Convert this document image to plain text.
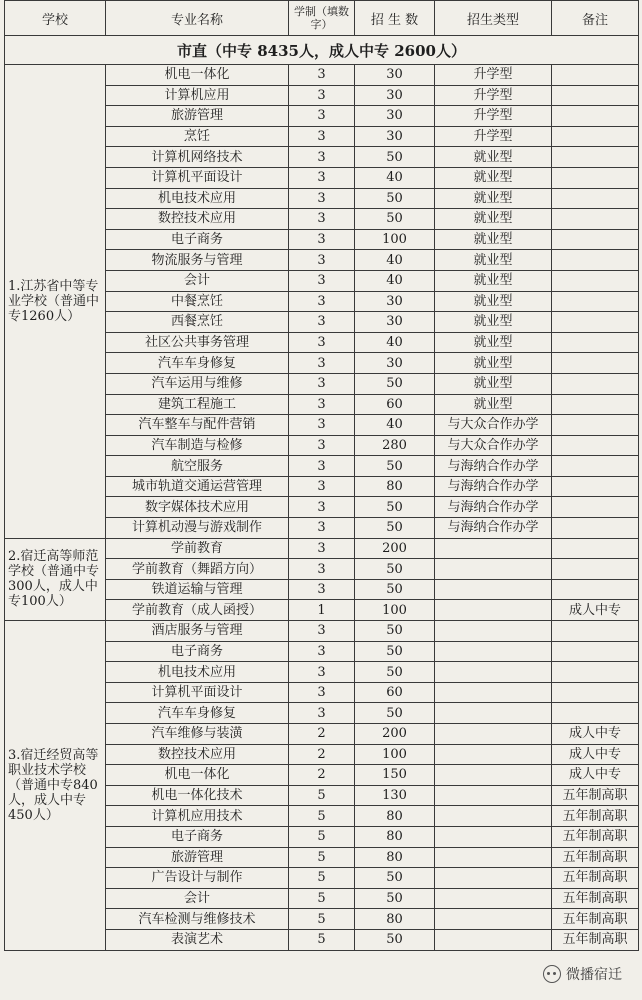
学校	专业名称	学制（填数字）	招 生 数	招生类型	备注
市直（中专 8435人，成人中专 2600人）					
1.江苏省中等专业学校（普通中专1260人）	机电一体化	3	30	升学型	
	计算机应用	3	30	升学型	
	旅游管理	3	30	升学型	
	烹饪	3	30	升学型	
	计算机网络技术	3	50	就业型	
	计算机平面设计	3	40	就业型	
	机电技术应用	3	50	就业型	
	数控技术应用	3	50	就业型	
	电子商务	3	100	就业型	
	物流服务与管理	3	40	就业型	
	会计	3	40	就业型	
	中餐烹饪	3	30	就业型	
	西餐烹饪	3	30	就业型	
	社区公共事务管理	3	40	就业型	
	汽车车身修复	3	30	就业型	
	汽车运用与维修	3	50	就业型	
	建筑工程施工	3	60	就业型	
	汽车整车与配件营销	3	40	与大众合作办学	
	汽车制造与检修	3	280	与大众合作办学	
	航空服务	3	50	与海纳合作办学	
	城市轨道交通运营管理	3	80	与海纳合作办学	
	数字媒体技术应用	3	50	与海纳合作办学	
	计算机动漫与游戏制作	3	50	与海纳合作办学	
2.宿迁高等师范学校（普通中专300人，成人中专100人）	学前教育	3	200		
	学前教育（舞蹈方向）	3	50		
	铁道运输与管理	3	50		
	学前教育（成人函授）	1	100		成人中专
3.宿迁经贸高等职业技术学校（普通中专840人，成人中专450人）	酒店服务与管理	3	50		
	电子商务	3	50		
	机电技术应用	3	50		
	计算机平面设计	3	60		
	汽车车身修复	3	50		
	汽车维修与装潢	2	200		成人中专
	数控技术应用	2	100		成人中专
	机电一体化	2	150		成人中专
	机电一体化技术	5	130		五年制高职
	计算机应用技术	5	80		五年制高职
	电子商务	5	80		五年制高职
	旅游管理	5	80		五年制高职
	广告设计与制作	5	50		五年制高职
	会计	5	50		五年制高职
	汽车检测与维修技术	5	80		五年制高职
	表演艺术	5	50		五年制高职
微播宿迁
